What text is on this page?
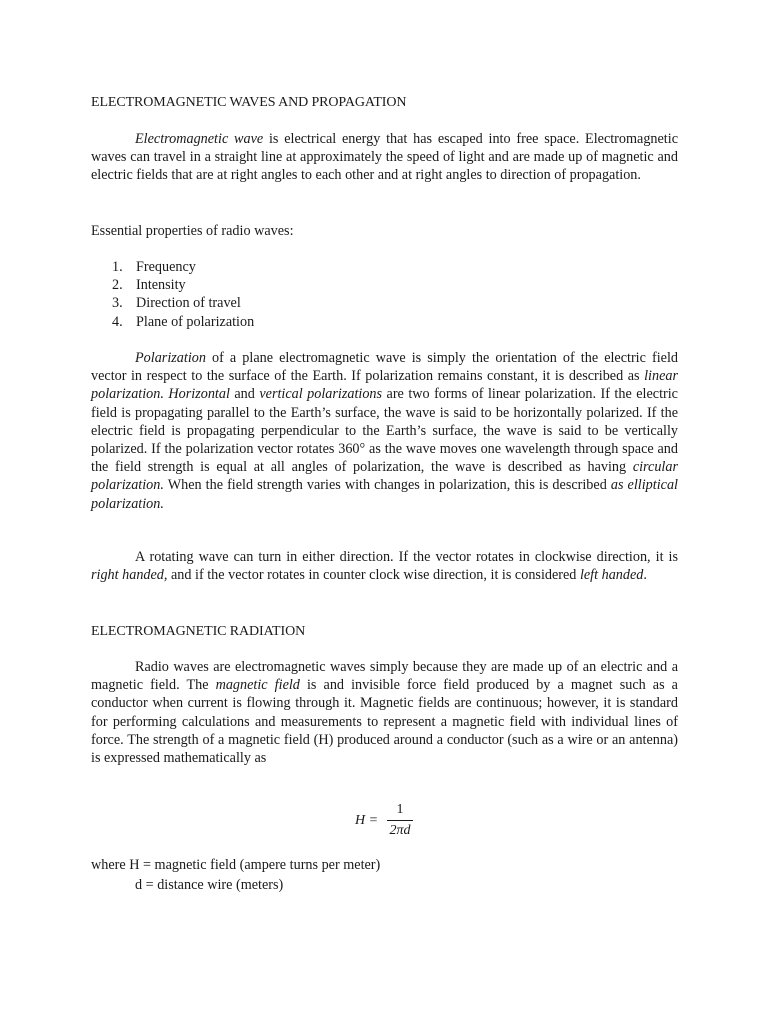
ELECTROMAGNETIC WAVES AND PROPAGATION

Electromagnetic wave is electrical energy that has escaped into free space. Electromagnetic waves can travel in a straight line at approximately the speed of light and are made up of magnetic and electric fields that are at right angles to each other and at right angles to direction of propagation.

Essential properties of radio waves:
1. Frequency
2. Intensity
3. Direction of travel
4. Plane of polarization

Polarization of a plane electromagnetic wave is simply the orientation of the electric field vector in respect to the surface of the Earth. If polarization remains constant, it is described as linear polarization. Horizontal and vertical polarizations are two forms of linear polarization. If the electric field is propagating parallel to the Earth’s surface, the wave is said to be horizontally polarized. If the electric field is propagating perpendicular to the Earth’s surface, the wave is said to be vertically polarized. If the polarization vector rotates 360° as the wave moves one wavelength through space and the field strength is equal at all angles of polarization, the wave is described as having circular polarization. When the field strength varies with changes in polarization, this is described as elliptical polarization.

A rotating wave can turn in either direction. If the vector rotates in clockwise direction, it is right handed, and if the vector rotates in counter clock wise direction, it is considered left handed.

ELECTROMAGNETIC RADIATION

Radio waves are electromagnetic waves simply because they are made up of an electric and a magnetic field. The magnetic field is and invisible force field produced by a magnet such as a conductor when current is flowing through it. Magnetic fields are continuous; however, it is standard for performing calculations and measurements to represent a magnetic field with individual lines of force. The strength of a magnetic field (H) produced around a conductor (such as a wire or an antenna) is expressed mathematically as

H =
1
2πd
where H = magnetic field (ampere turns per meter)
d = distance wire (meters)
